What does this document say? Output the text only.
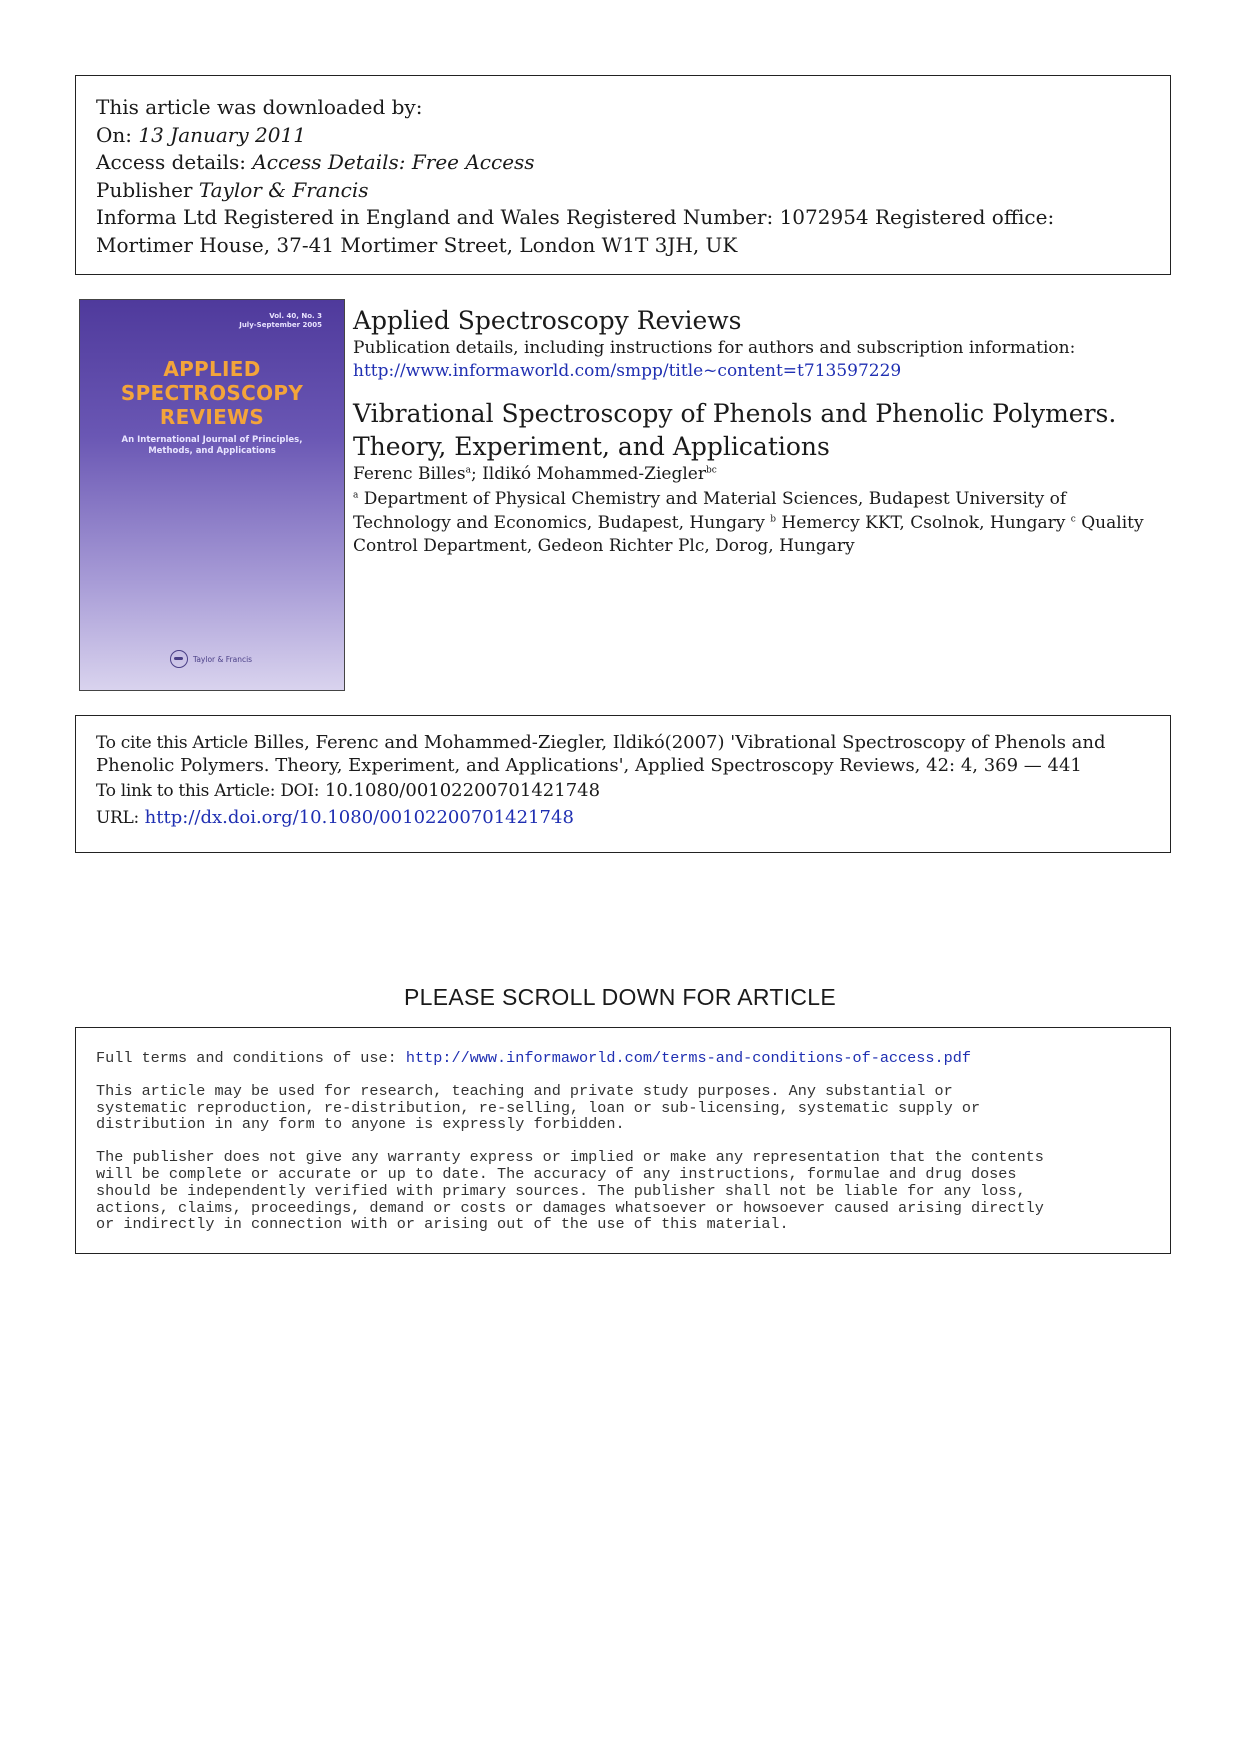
This article was downloaded by:
On: 13 January 2011
Access details: Access Details: Free Access
Publisher Taylor & Francis
Informa Ltd Registered in England and Wales Registered Number: 1072954 Registered office: Mortimer House, 37-41 Mortimer Street, London W1T 3JH, UK
Vol. 40, No. 3
July-September 2005
APPLIED
SPECTROSCOPY
REVIEWS
An International Journal of Principles, Methods, and Applications
Taylor & Francis
Applied Spectroscopy Reviews
Publication details, including instructions for authors and subscription information:
http://www.informaworld.com/smpp/title~content=t713597229
Vibrational Spectroscopy of Phenols and Phenolic Polymers. Theory, Experiment, and Applications
Ferenc Billes$^a$; Ildikó Mohammed-Ziegler$^{bc}$
$^a$ Department of Physical Chemistry and Material Sciences, Budapest University of Technology and Economics, Budapest, Hungary $^b$ Hemercy KKT, Csolnok, Hungary $^c$ Quality Control Department, Gedeon Richter Plc, Dorog, Hungary
To cite this Article Billes, Ferenc and Mohammed-Ziegler, Ildikó(2007) 'Vibrational Spectroscopy of Phenols and Phenolic Polymers. Theory, Experiment, and Applications', Applied Spectroscopy Reviews, 42: 4, 369 — 441
To link to this Article: DOI: 10.1080/00102200701421748
URL: http://dx.doi.org/10.1080/00102200701421748
PLEASE SCROLL DOWN FOR ARTICLE
Full terms and conditions of use: http://www.informaworld.com/terms-and-conditions-of-access.pdf
This article may be used for research, teaching and private study purposes. Any substantial or
systematic reproduction, re-distribution, re-selling, loan or sub-licensing, systematic supply or
distribution in any form to anyone is expressly forbidden.
The publisher does not give any warranty express or implied or make any representation that the contents
will be complete or accurate or up to date. The accuracy of any instructions, formulae and drug doses
should be independently verified with primary sources. The publisher shall not be liable for any loss,
actions, claims, proceedings, demand or costs or damages whatsoever or howsoever caused arising directly
or indirectly in connection with or arising out of the use of this material.
